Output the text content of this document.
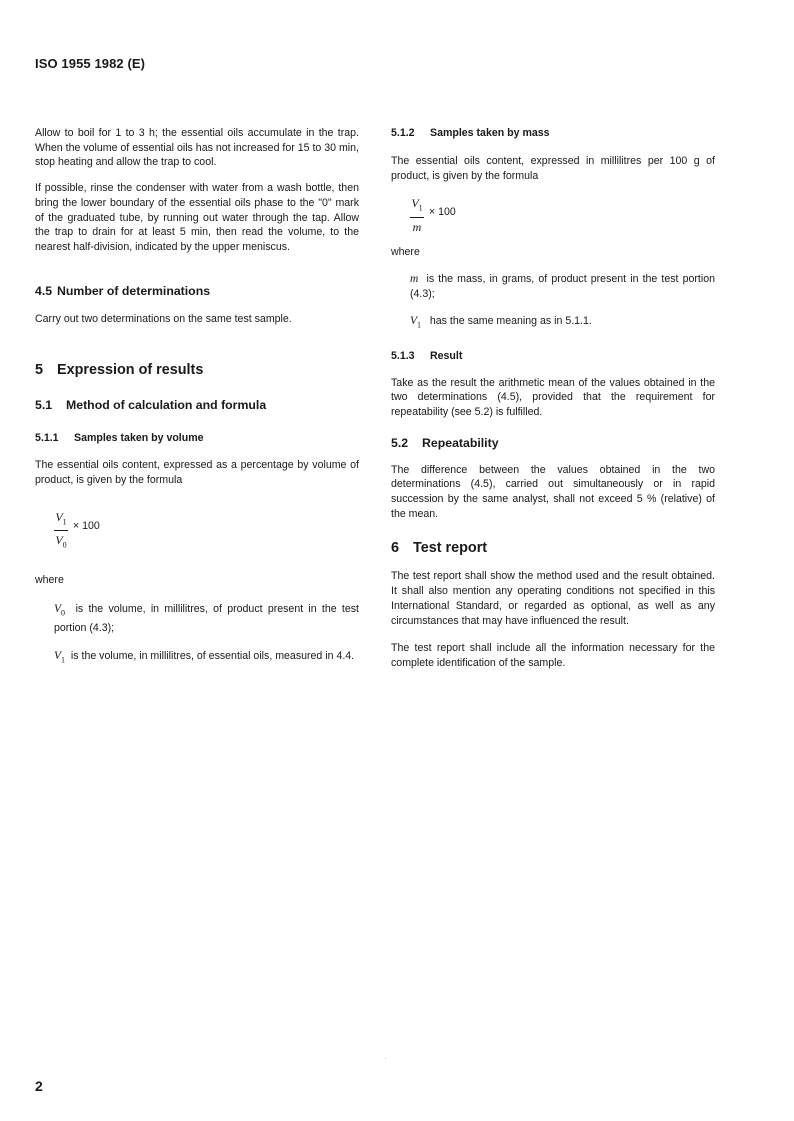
ISO 1955 1982 (E)

Allow to boil for 1 to 3 h; the essential oils accumulate in the trap. When the volume of essential oils has not increased for 15 to 30 min, stop heating and allow the trap to cool.

If possible, rinse the condenser with water from a wash bottle, then bring the lower boundary of the essential oils phase to the "0" mark of the graduated tube, by running out water through the tap. Allow the trap to drain for at least 5 min, then read the volume, to the nearest half-division, indicated by the upper meniscus.

4.5 Number of determinations

Carry out two determinations on the same test sample.

5 Expression of results
5.1 Method of calculation and formula
5.1.1 Samples taken by volume

The essential oils content, expressed as a percentage by volume of product, is given by the formula

$V_1$
$V_0$
× 100

where

$V_0$ is the volume, in millilitres, of product present in the test portion (4.3);

$V_1$ is the volume, in millilitres, of essential oils, measured in 4.4.

5.1.2 Samples taken by mass

The essential oils content, expressed in millilitres per 100 g of product, is given by the formula

$V_1$
m
× 100

where

m is the mass, in grams, of product present in the test portion (4.3);

$V_1$ has the same meaning as in 5.1.1.

5.1.3 Result

Take as the result the arithmetic mean of the values obtained in the two determinations (4.5), provided that the requirement for repeatability (see 5.2) is fulfilled.

5.2 Repeatability

The difference between the values obtained in the two determinations (4.5), carried out simultaneously or in rapid succession by the same analyst, shall not exceed 5 % (relative) of the mean.

6 Test report

The test report shall show the method used and the result obtained. It shall also mention any operating conditions not specified in this International Standard, or regarded as optional, as well as any circumstances that may have influenced the result.

The test report shall include all the information necessary for the complete identification of the sample.

2
